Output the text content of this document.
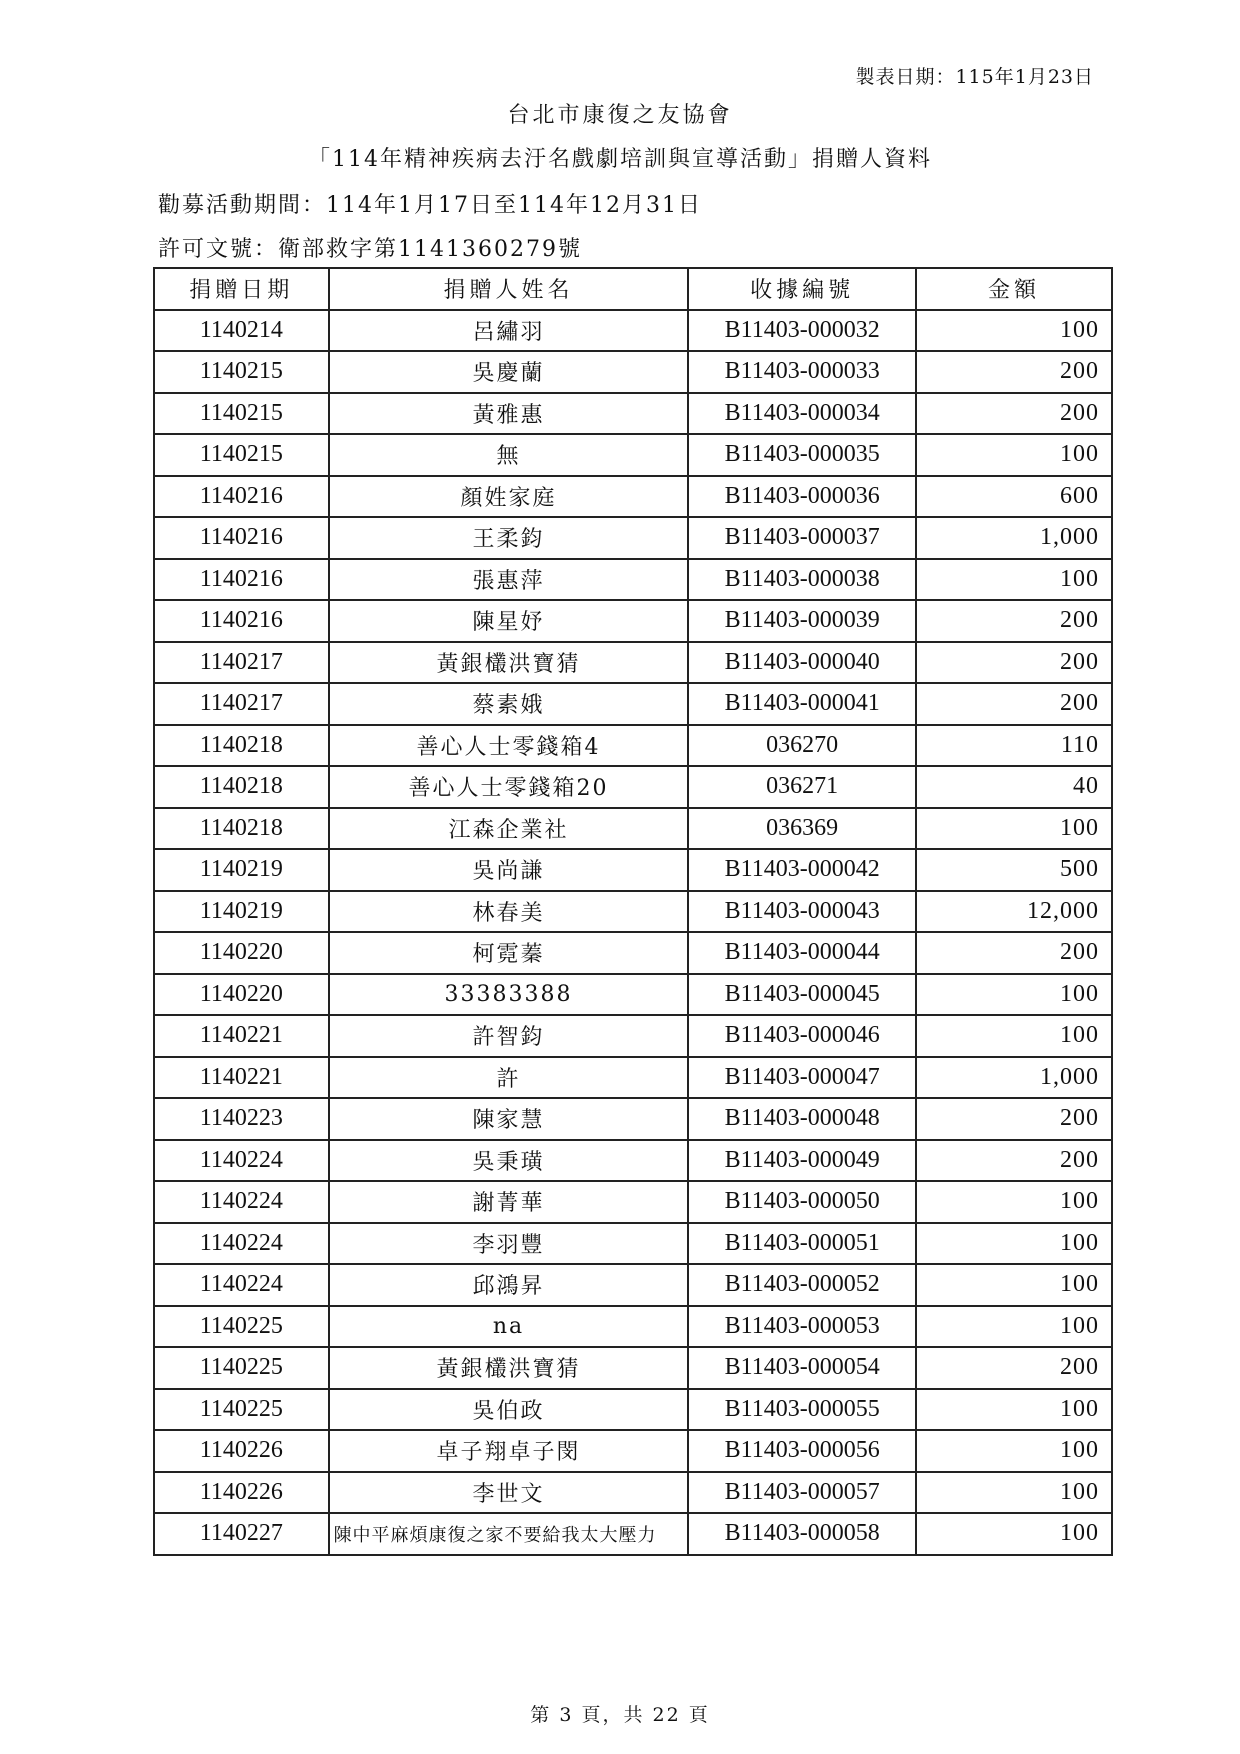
製表日期：115年1月23日
台北市康復之友協會
「114年精神疾病去汙名戲劇培訓與宣導活動」捐贈人資料
勸募活動期間：114年1月17日至114年12月31日
許可文號：衛部救字第1141360279號
捐贈日期	捐贈人姓名	收據編號	金額
1140214	呂繡羽	B11403-000032	100
1140215	吳慶蘭	B11403-000033	200
1140215	黃雅惠	B11403-000034	200
1140215	無	B11403-000035	100
1140216	顏姓家庭	B11403-000036	600
1140216	王柔鈞	B11403-000037	1,000
1140216	張惠萍	B11403-000038	100
1140216	陳星妤	B11403-000039	200
1140217	黃銀欉洪寶猜	B11403-000040	200
1140217	蔡素娥	B11403-000041	200
1140218	善心人士零錢箱4	036270	110
1140218	善心人士零錢箱20	036271	40
1140218	江森企業社	036369	100
1140219	吳尚謙	B11403-000042	500
1140219	林春美	B11403-000043	12,000
1140220	柯霓蓁	B11403-000044	200
1140220	33383388	B11403-000045	100
1140221	許智鈞	B11403-000046	100
1140221	許	B11403-000047	1,000
1140223	陳家慧	B11403-000048	200
1140224	吳秉璜	B11403-000049	200
1140224	謝菁華	B11403-000050	100
1140224	李羽豐	B11403-000051	100
1140224	邱鴻昇	B11403-000052	100
1140225	na	B11403-000053	100
1140225	黃銀欉洪寶猜	B11403-000054	200
1140225	吳伯政	B11403-000055	100
1140226	卓子翔卓子閔	B11403-000056	100
1140226	李世文	B11403-000057	100
1140227	陳中平麻煩康復之家不要給我太大壓力	B11403-000058	100
第 3 頁，共 22 頁
